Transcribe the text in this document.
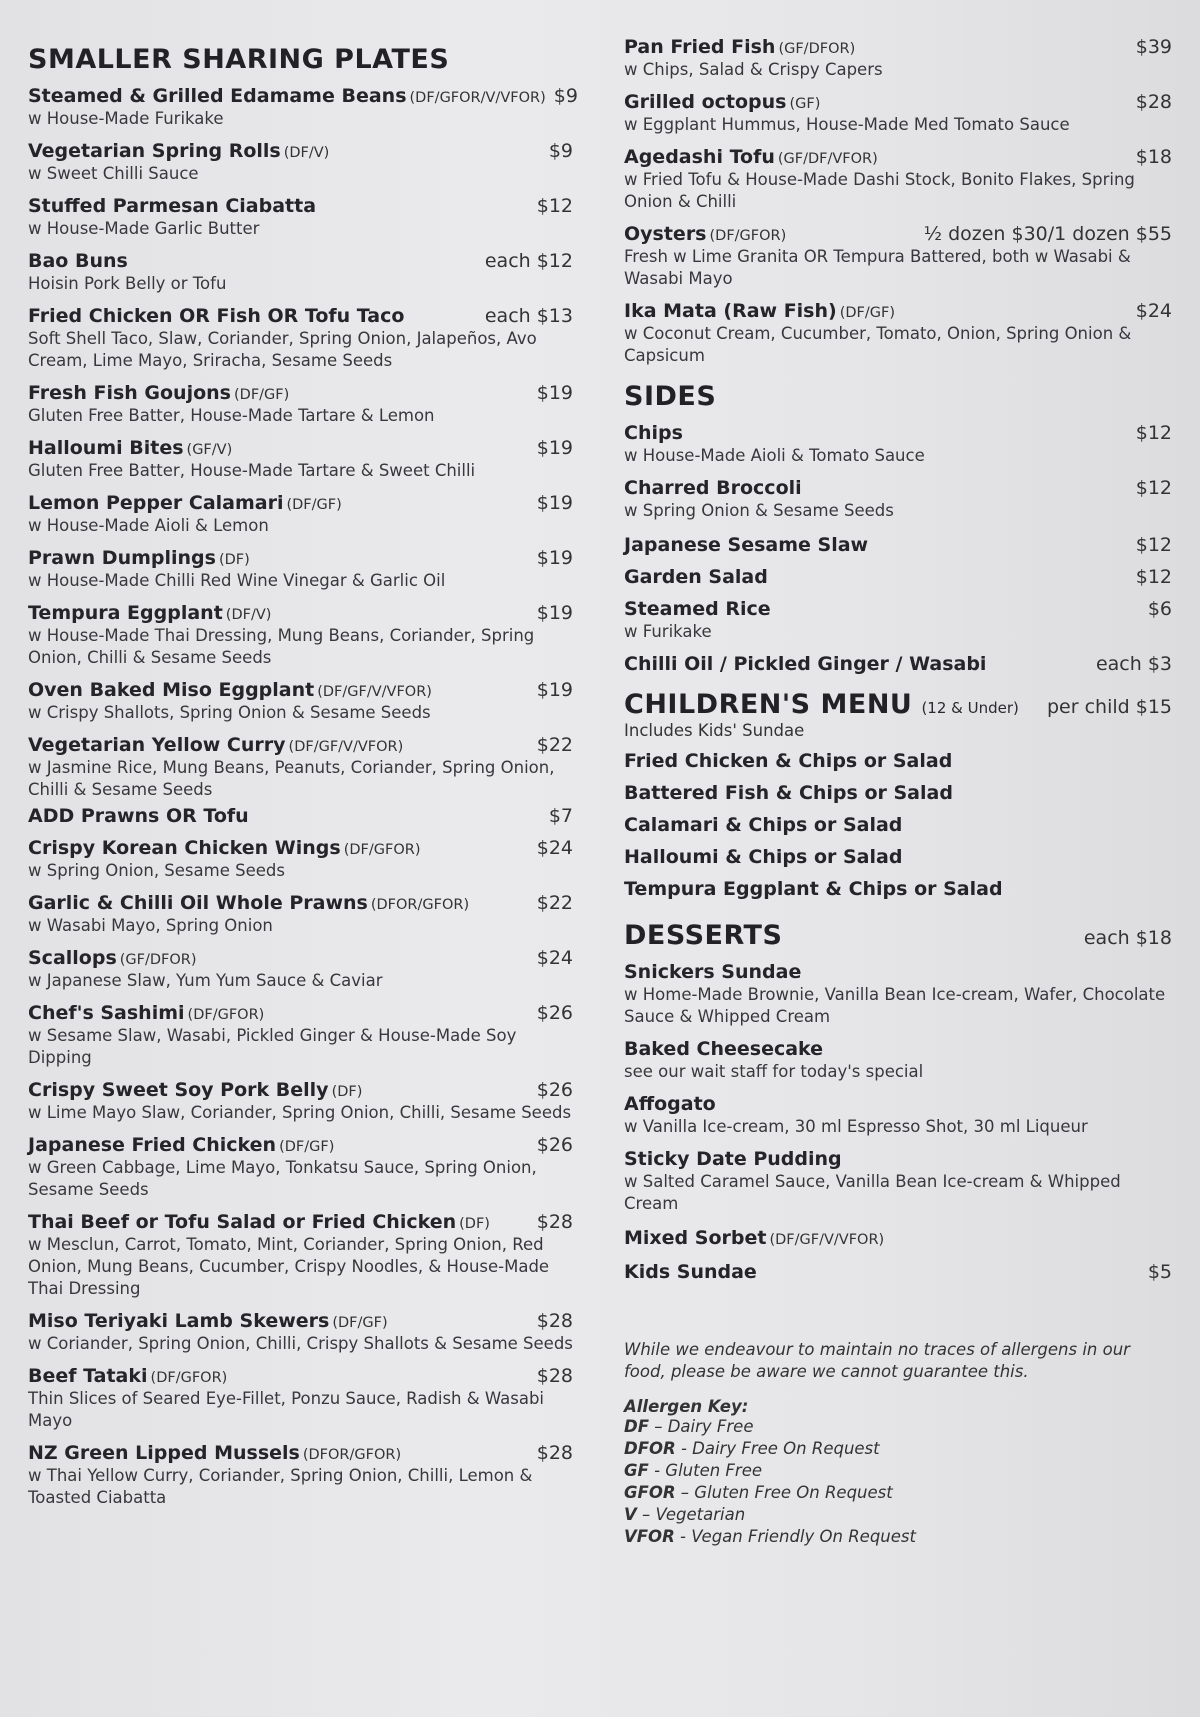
SMALLER SHARING PLATES
Steamed & Grilled Edamame Beans (DF/GFOR/V/VFOR) $9
w House-Made Furikake
Vegetarian Spring Rolls (DF/V)	$9
w Sweet Chilli Sauce
Stuffed Parmesan Ciabatta	$12
w House-Made Garlic Butter
Bao Buns	each $12
Hoisin Pork Belly or Tofu
Fried Chicken OR Fish OR Tofu Taco	each $13
Soft Shell Taco, Slaw, Coriander, Spring Onion, Jalapeños, Avo Cream, Lime Mayo, Sriracha, Sesame Seeds
Fresh Fish Goujons (DF/GF)	$19
Gluten Free Batter, House-Made Tartare & Lemon
Halloumi Bites (GF/V)	$19
Gluten Free Batter, House-Made Tartare & Sweet Chilli
Lemon Pepper Calamari (DF/GF)	$19
w House-Made Aioli & Lemon
Prawn Dumplings (DF)	$19
w House-Made Chilli Red Wine Vinegar & Garlic Oil
Tempura Eggplant (DF/V)	$19
w House-Made Thai Dressing, Mung Beans, Coriander, Spring Onion, Chilli & Sesame Seeds
Oven Baked Miso Eggplant (DF/GF/V/VFOR)	$19
w Crispy Shallots, Spring Onion & Sesame Seeds
Vegetarian Yellow Curry (DF/GF/V/VFOR)	$22
w Jasmine Rice, Mung Beans, Peanuts, Coriander, Spring Onion, Chilli & Sesame Seeds
ADD Prawns OR Tofu	$7
Crispy Korean Chicken Wings (DF/GFOR)	$24
w Spring Onion, Sesame Seeds
Garlic & Chilli Oil Whole Prawns (DFOR/GFOR)	$22
w Wasabi Mayo, Spring Onion
Scallops (GF/DFOR)	$24
w Japanese Slaw, Yum Yum Sauce & Caviar
Chef's Sashimi (DF/GFOR)	$26
w Sesame Slaw, Wasabi, Pickled Ginger & House-Made Soy Dipping
Crispy Sweet Soy Pork Belly (DF)	$26
w Lime Mayo Slaw, Coriander, Spring Onion, Chilli, Sesame Seeds
Japanese Fried Chicken (DF/GF)	$26
w Green Cabbage, Lime Mayo, Tonkatsu Sauce, Spring Onion, Sesame Seeds
Thai Beef or Tofu Salad or Fried Chicken (DF) $28
w Mesclun, Carrot, Tomato, Mint, Coriander, Spring Onion, Red Onion, Mung Beans, Cucumber, Crispy Noodles, & House-Made Thai Dressing
Miso Teriyaki Lamb Skewers (DF/GF)	$28
w Coriander, Spring Onion, Chilli, Crispy Shallots & Sesame Seeds
Beef Tataki (DF/GFOR)	$28
Thin Slices of Seared Eye-Fillet, Ponzu Sauce, Radish & Wasabi Mayo
NZ Green Lipped Mussels (DFOR/GFOR)	$28
w Thai Yellow Curry, Coriander, Spring Onion, Chilli, Lemon & Toasted Ciabatta
Pan Fried Fish (GF/DFOR)	$39
w Chips, Salad & Crispy Capers
Grilled octopus (GF)	$28
w Eggplant Hummus, House-Made Med Tomato Sauce
Agedashi Tofu (GF/DF/VFOR)	$18
w Fried Tofu & House-Made Dashi Stock, Bonito Flakes, Spring Onion & Chilli
Oysters (DF/GFOR)	½ dozen $30/1 dozen $55
Fresh w Lime Granita OR Tempura Battered, both w Wasabi & Wasabi Mayo
Ika Mata (Raw Fish) (DF/GF)	$24
w Coconut Cream, Cucumber, Tomato, Onion, Spring Onion & Capsicum
SIDES
Chips	$12
w House-Made Aioli & Tomato Sauce
Charred Broccoli	$12
w Spring Onion & Sesame Seeds
Japanese Sesame Slaw	$12
Garden Salad	$12
Steamed Rice	$6
w Furikake
Chilli Oil / Pickled Ginger / Wasabi	each $3
CHILDREN'S MENU (12 & Under) per child $15
Includes Kids' Sundae
Fried Chicken & Chips or Salad
Battered Fish & Chips or Salad
Calamari & Chips or Salad
Halloumi & Chips or Salad
Tempura Eggplant & Chips or Salad
DESSERTS	each $18
Snickers Sundae
w Home-Made Brownie, Vanilla Bean Ice-cream, Wafer, Chocolate Sauce & Whipped Cream
Baked Cheesecake
see our wait staff for today's special
Affogato
w Vanilla Ice-cream, 30 ml Espresso Shot, 30 ml Liqueur
Sticky Date Pudding
w Salted Caramel Sauce, Vanilla Bean Ice-cream & Whipped Cream
Mixed Sorbet (DF/GF/V/VFOR)
Kids Sundae	$5
While we endeavour to maintain no traces of allergens in our food, please be aware we cannot guarantee this.
Allergen Key:
DF – Dairy Free
DFOR - Dairy Free On Request
GF - Gluten Free
GFOR – Gluten Free On Request
V – Vegetarian
VFOR - Vegan Friendly On Request
